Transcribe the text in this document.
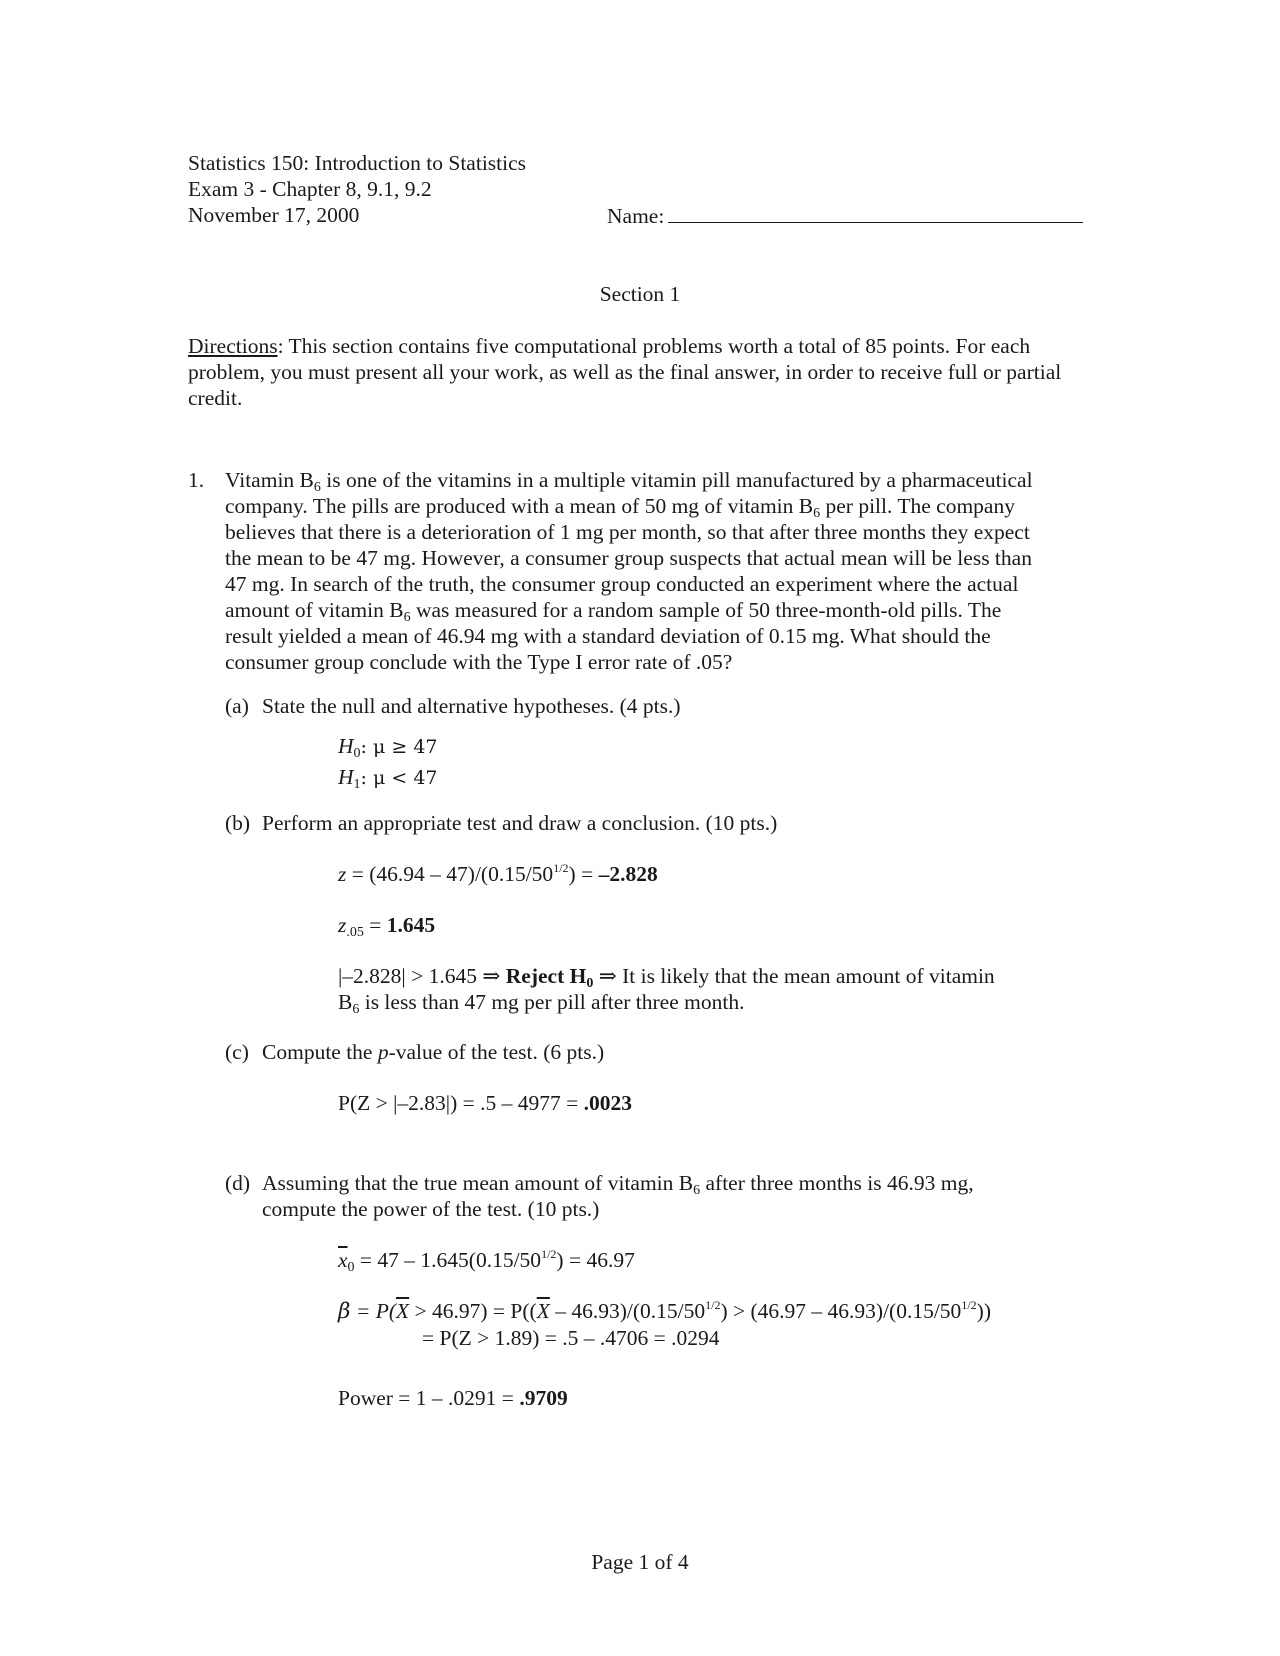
Statistics 150: Introduction to Statistics
Exam 3 - Chapter 8, 9.1, 9.2
November 17, 2000	Name:
Section 1
Directions: This section contains five computational problems worth a total of 85 points. For each problem, you must present all your work, as well as the final answer, in order to receive full or partial credit.
1. Vitamin $B_6$ is one of the vitamins in a multiple vitamin pill manufactured by a pharmaceutical
company. The pills are produced with a mean of 50 mg of vitamin $B_6$ per pill. The company
believes that there is a deterioration of 1 mg per month, so that after three months they expect
the mean to be 47 mg. However, a consumer group suspects that actual mean will be less than
47 mg. In search of the truth, the consumer group conducted an experiment where the actual
amount of vitamin $B_6$ was measured for a random sample of 50 three-month-old pills. The
result yielded a mean of 46.94 mg with a standard deviation of 0.15 mg. What should the
consumer group conclude with the Type I error rate of .05?
(a) State the null and alternative hypotheses. (4 pts.)
$H_0$: μ ≥ 47
$H_1$: μ < 47
(b) Perform an appropriate test and draw a conclusion. (10 pts.)
$z = (46.94 - 47)/(0.15/50^{1/2}) = -2.828$
$z_{.05} = 1.645$
|–2.828| > 1.645 ⇒ Reject $H_0$ ⇒ It is likely that the mean amount of vitamin
$B_6$ is less than 47 mg per pill after three month.
(c) Compute the p-value of the test. (6 pts.)
P(Z > |–2.83|) = .5 – 4977 = .0023
(d) Assuming that the true mean amount of vitamin $B_6$ after three months is 46.93 mg,
compute the power of the test. (10 pts.)
$\overline{x}_0 = 47 - 1.645(0.15/50^{1/2}) = 46.97$
$\beta = P(\overline{X} > 46.97) = P((\overline{X} - 46.93)/(0.15/50^{1/2}) > (46.97 - 46.93)/(0.15/50^{1/2}))$
= P(Z > 1.89) = .5 – .4706 = .0294
Power = 1 – .0291 = .9709
Page 1 of 4
